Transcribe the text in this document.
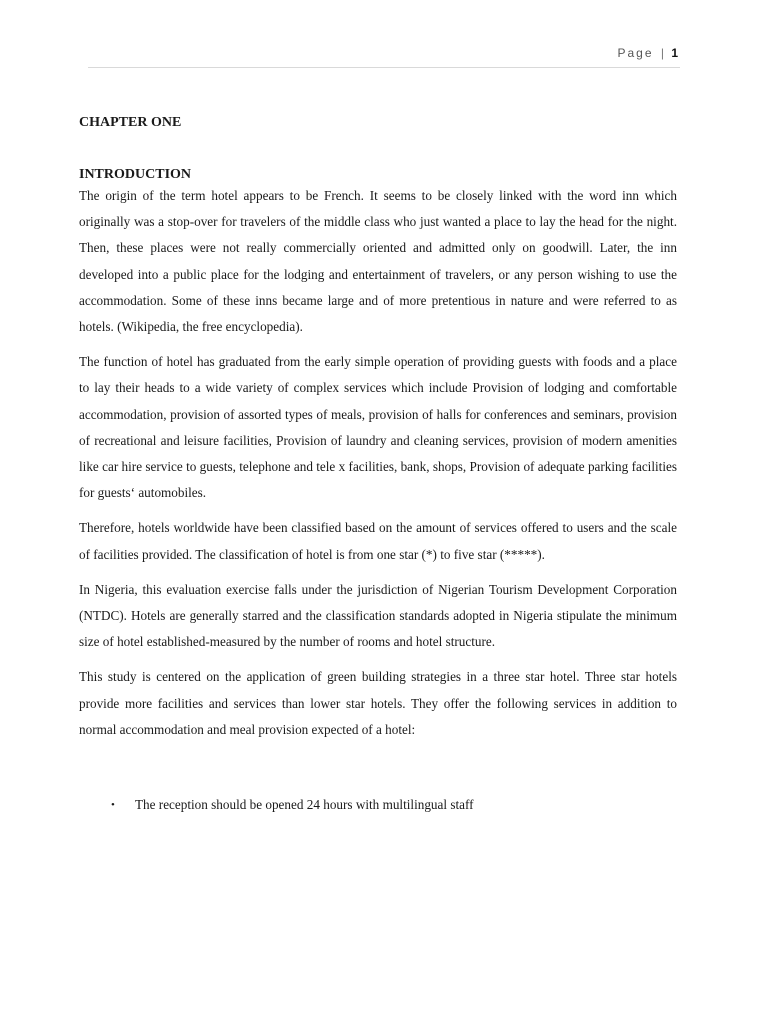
Page | 1
CHAPTER ONE
INTRODUCTION

The origin of the term hotel appears to be French. It seems to be closely linked with the word inn which originally was a stop-over for travelers of the middle class who just wanted a place to lay the head for the night. Then, these places were not really commercially oriented and admitted only on goodwill. Later, the inn developed into a public place for the lodging and entertainment of travelers, or any person wishing to use the accommodation. Some of these inns became large and of more pretentious in nature and were referred to as hotels. (Wikipedia, the free encyclopedia).

The function of hotel has graduated from the early simple operation of providing guests with foods and a place to lay their heads to a wide variety of complex services which include Provision of lodging and comfortable accommodation, provision of assorted types of meals, provision of halls for conferences and seminars, provision of recreational and leisure facilities, Provision of laundry and cleaning services, provision of modern amenities like car hire service to guests, telephone and tele x facilities, bank, shops, Provision of adequate parking facilities for guests‘ automobiles.

Therefore, hotels worldwide have been classified based on the amount of services offered to users and the scale of facilities provided. The classification of hotel is from one star (*) to five star (*****).

In Nigeria, this evaluation exercise falls under the jurisdiction of Nigerian Tourism Development Corporation (NTDC). Hotels are generally starred and the classification standards adopted in Nigeria stipulate the minimum size of hotel established-measured by the number of rooms and hotel structure.

This study is centered on the application of green building strategies in a three star hotel. Three star hotels provide more facilities and services than lower star hotels. They offer the following services in addition to normal accommodation and meal provision expected of a hotel:

• The reception should be opened 24 hours with multilingual staff
